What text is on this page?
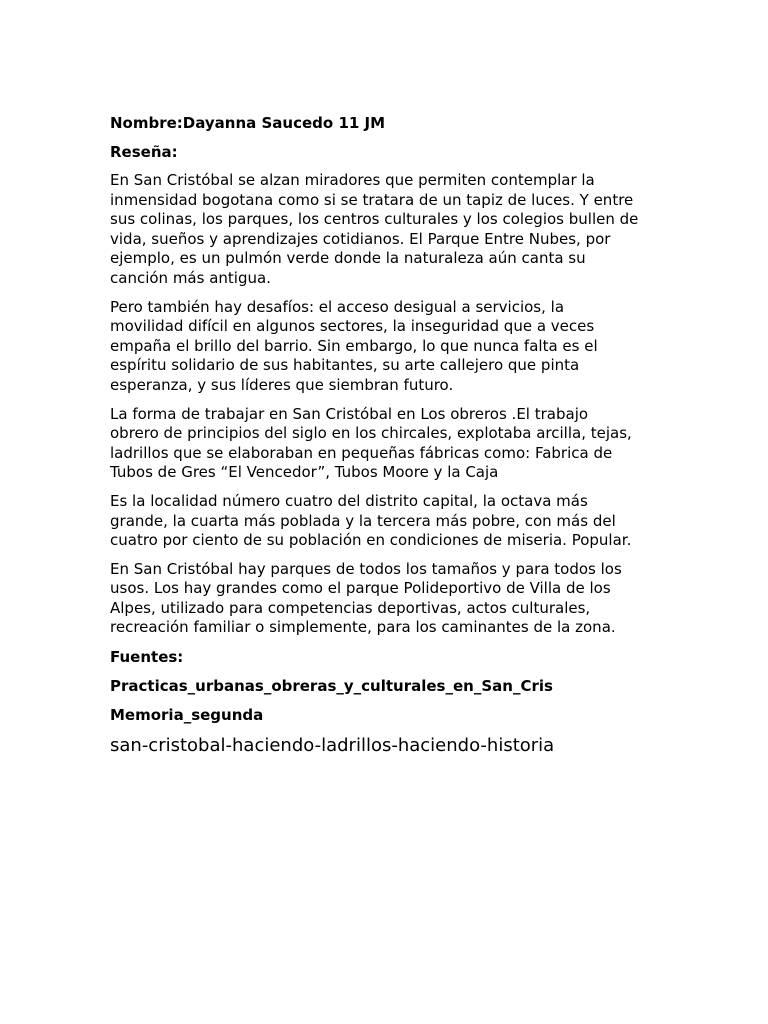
Nombre:Dayanna Saucedo 11 JM

Reseña:

En San Cristóbal se alzan miradores que permiten contemplar la
inmensidad bogotana como si se tratara de un tapiz de luces. Y entre
sus colinas, los parques, los centros culturales y los colegios bullen de
vida, sueños y aprendizajes cotidianos. El Parque Entre Nubes, por
ejemplo, es un pulmón verde donde la naturaleza aún canta su
canción más antigua.

Pero también hay desafíos: el acceso desigual a servicios, la
movilidad difícil en algunos sectores, la inseguridad que a veces
empaña el brillo del barrio. Sin embargo, lo que nunca falta es el
espíritu solidario de sus habitantes, su arte callejero que pinta
esperanza, y sus líderes que siembran futuro.

La forma de trabajar en San Cristóbal en Los obreros .El trabajo
obrero de principios del siglo en los chircales, explotaba arcilla, tejas,
ladrillos que se elaboraban en pequeñas fábricas como: Fabrica de
Tubos de Gres “El Vencedor”, Tubos Moore y la Caja

Es la localidad número cuatro del distrito capital, la octava más
grande, la cuarta más poblada y la tercera más pobre, con más del
cuatro por ciento de su población en condiciones de miseria. Popular.

En San Cristóbal hay parques de todos los tamaños y para todos los
usos. Los hay grandes como el parque Polideportivo de Villa de los
Alpes, utilizado para competencias deportivas, actos culturales,
recreación familiar o simplemente, para los caminantes de la zona.

Fuentes:

Practicas_urbanas_obreras_y_culturales_en_San_Cris

Memoria_segunda

san-cristobal-haciendo-ladrillos-haciendo-historia
